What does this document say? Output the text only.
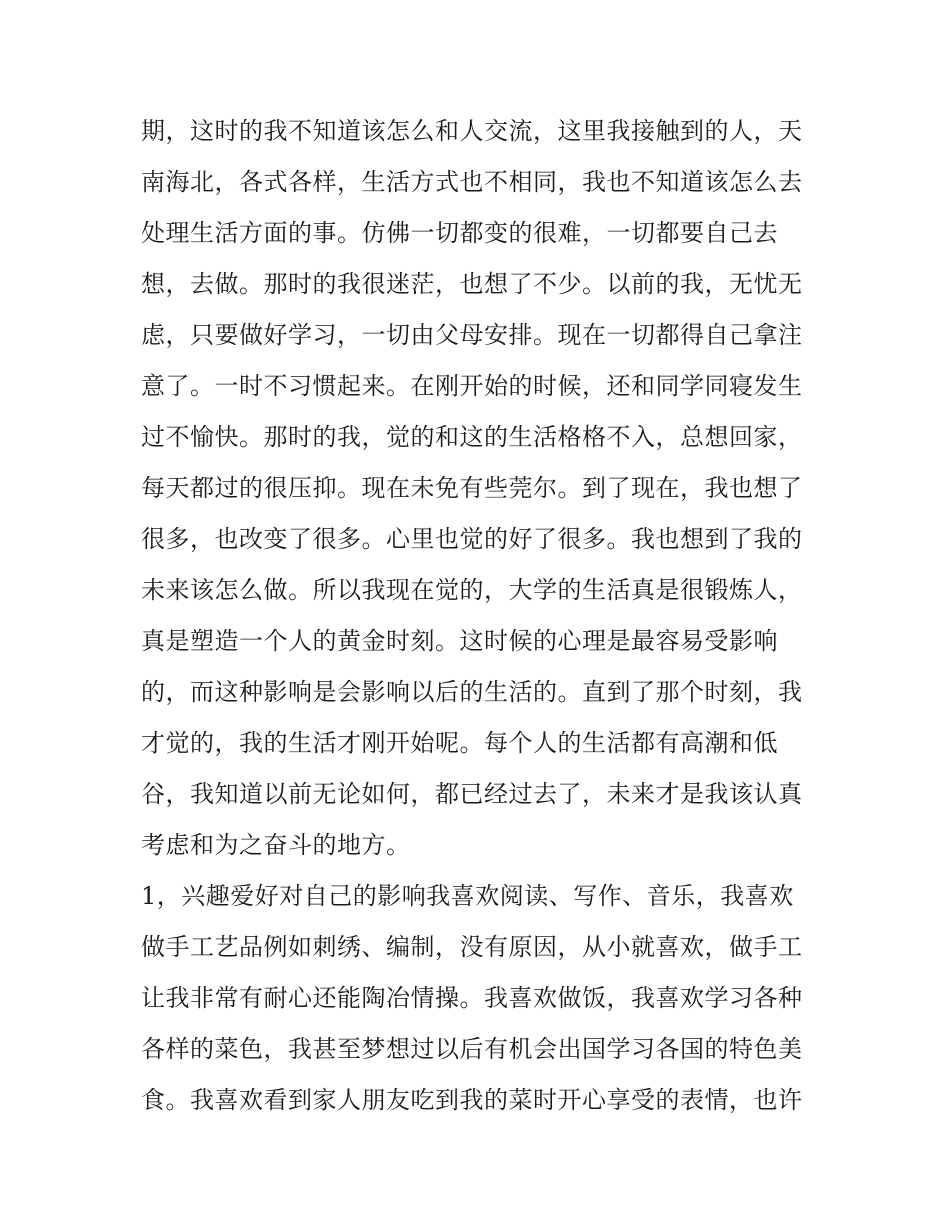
期，这时的我不知道该怎么和人交流，这里我接触到的人，天
南海北，各式各样，生活方式也不相同，我也不知道该怎么去
处理生活方面的事。仿佛一切都变的很难，一切都要自己去
想，去做。那时的我很迷茫，也想了不少。以前的我，无忧无
虑，只要做好学习，一切由父母安排。现在一切都得自己拿注
意了。一时不习惯起来。在刚开始的时候，还和同学同寝发生
过不愉快。那时的我，觉的和这的生活格格不入，总想回家，
每天都过的很压抑。现在未免有些莞尔。到了现在，我也想了
很多，也改变了很多。心里也觉的好了很多。我也想到了我的
未来该怎么做。所以我现在觉的，大学的生活真是很锻炼人，
真是塑造一个人的黄金时刻。这时候的心理是最容易受影响
的，而这种影响是会影响以后的生活的。直到了那个时刻，我
才觉的，我的生活才刚开始呢。每个人的生活都有高潮和低
谷，我知道以前无论如何，都已经过去了，未来才是我该认真
考虑和为之奋斗的地方。
1，兴趣爱好对自己的影响我喜欢阅读、写作、音乐，我喜欢
做手工艺品例如刺绣、编制，没有原因，从小就喜欢，做手工
让我非常有耐心还能陶冶情操。我喜欢做饭，我喜欢学习各种
各样的菜色，我甚至梦想过以后有机会出国学习各国的特色美
食。我喜欢看到家人朋友吃到我的菜时开心享受的表情，也许
